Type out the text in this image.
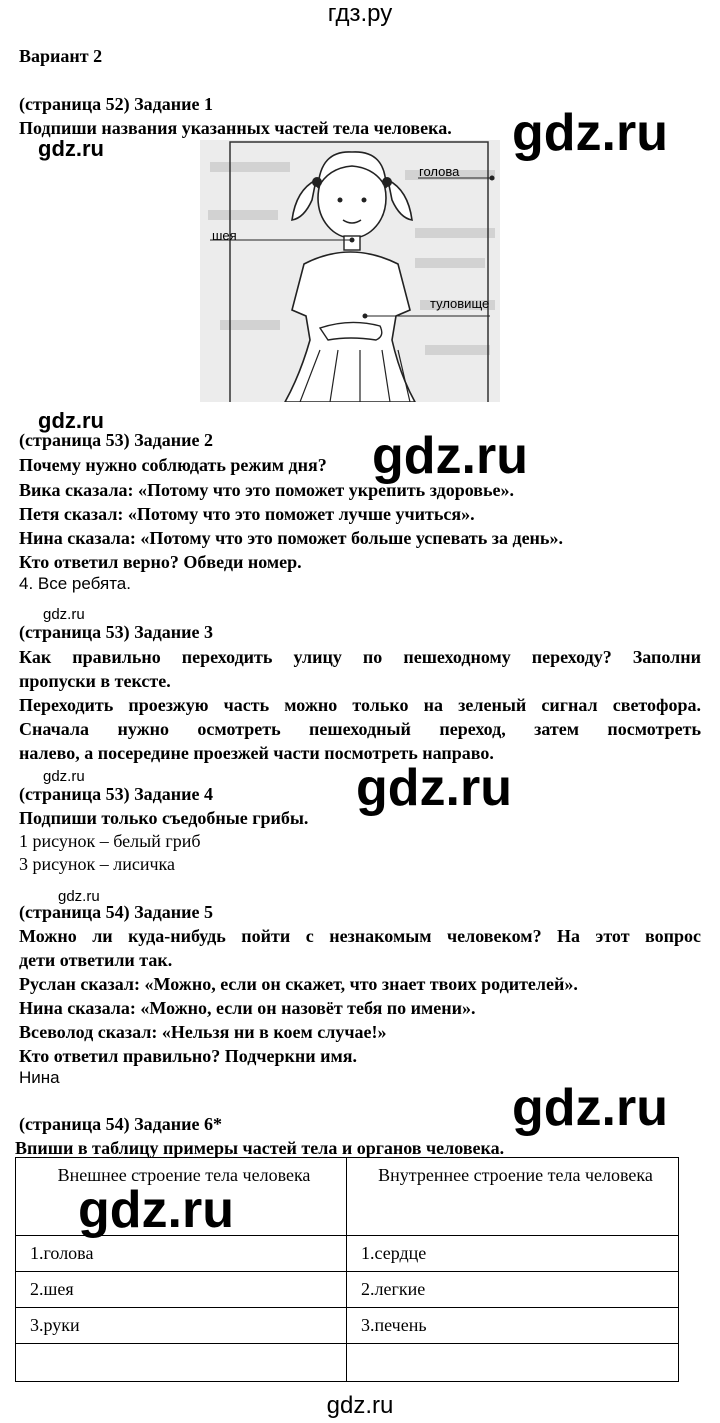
гдз.ру
Вариант 2
(страница 52) Задание 1
Подпиши названия указанных частей тела человека. gdz.ru
gdz.ru
голова
шея
туловище
gdz.ru
(страница 53) Задание 2
Почему нужно соблюдать режим дня? gdz.ru
Вика сказала: «Потому что это поможет укрепить здоровье».
Петя сказал: «Потому что это поможет лучше учиться».
Нина сказала: «Потому что это поможет больше успевать за день».
Кто ответил верно? Обведи номер.
4. Все ребята.
gdz.ru
(страница 53) Задание 3
Как правильно переходить улицу по пешеходному переходу? Заполни
пропуски в тексте.
Переходить проезжую часть можно только на зеленый сигнал светофора.
Сначала нужно осмотреть пешеходный переход, затем посмотреть
налево, а посередине проезжей части посмотреть направо.
gdz.ru	gdz.ru
(страница 53) Задание 4
Подпиши только съедобные грибы.
1 рисунок – белый гриб
3 рисунок – лисичка
gdz.ru
(страница 54) Задание 5
Можно ли куда-нибудь пойти с незнакомым человеком? На этот вопрос
дети ответили так.
Руслан сказал: «Можно, если он скажет, что знает твоих родителей».
Нина сказала: «Можно, если он назовёт тебя по имени».
Всеволод сказал: «Нельзя ни в коем случае!»
Кто ответил правильно? Подчеркни имя.
Нина
gdz.ru
(страница 54) Задание 6*
Впиши в таблицу примеры частей тела и органов человека.
Внешнее строение тела человека	Внутреннее строение тела человека
1.голова	1.сердце
2.шея	2.легкие
3.руки	3.печень

gdz.ru
gdz.ru
